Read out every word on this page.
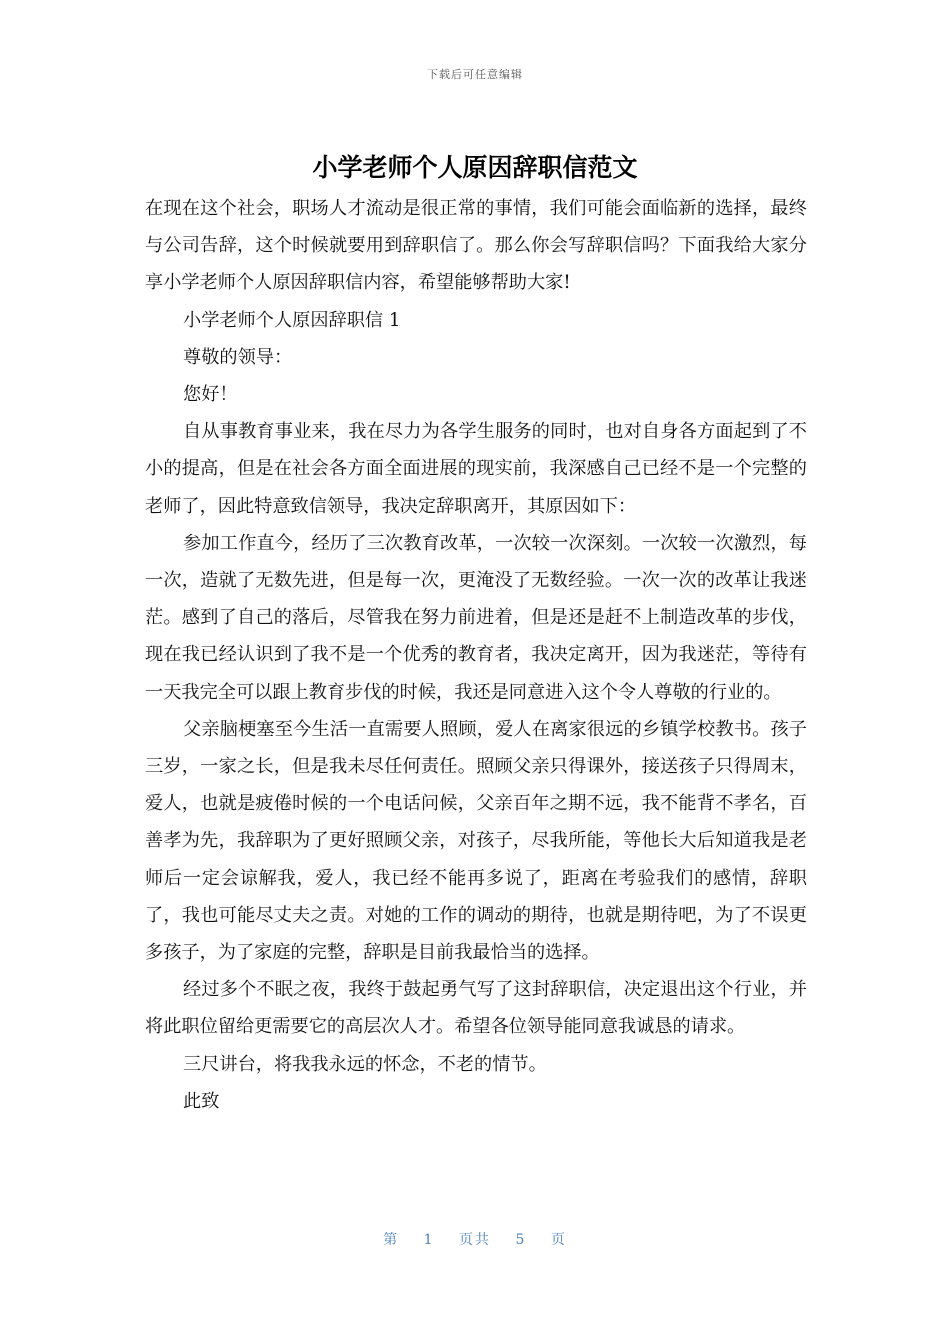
下载后可任意编辑
小学老师个人原因辞职信范文

在现在这个社会，职场人才流动是很正常的事情，我们可能会面临新的选择，最终与公司告辞，这个时候就要用到辞职信了。那么你会写辞职信吗？下面我给大家分享小学老师个人原因辞职信内容，希望能够帮助大家!

小学老师个人原因辞职信 1

尊敬的领导：

您好！

自从事教育事业来，我在尽力为各学生服务的同时，也对自身各方面起到了不小的提高，但是在社会各方面全面进展的现实前，我深感自己已经不是一个完整的老师了，因此特意致信领导，我决定辞职离开，其原因如下：

参加工作直今，经历了三次教育改革，一次较一次深刻。一次较一次激烈，每一次，造就了无数先进，但是每一次，更淹没了无数经验。一次一次的改革让我迷茫。感到了自己的落后，尽管我在努力前进着，但是还是赶不上制造改革的步伐，现在我已经认识到了我不是一个优秀的教育者，我决定离开，因为我迷茫，等待有一天我完全可以跟上教育步伐的时候，我还是同意进入这个令人尊敬的行业的。

父亲脑梗塞至今生活一直需要人照顾，爱人在离家很远的乡镇学校教书。孩子三岁，一家之长，但是我未尽任何责任。照顾父亲只得课外，接送孩子只得周末，爱人，也就是疲倦时候的一个电话问候，父亲百年之期不远，我不能背不孝名，百善孝为先，我辞职为了更好照顾父亲，对孩子，尽我所能，等他长大后知道我是老师后一定会谅解我，爱人，我已经不能再多说了，距离在考验我们的感情，辞职了，我也可能尽丈夫之责。对她的工作的调动的期待，也就是期待吧，为了不误更多孩子，为了家庭的完整，辞职是目前我最恰当的选择。

经过多个不眠之夜，我终于鼓起勇气写了这封辞职信，决定退出这个行业，并将此职位留给更需要它的高层次人才。希望各位领导能同意我诚恳的请求。

三尺讲台，将我我永远的怀念，不老的情节。

此致

第 1 页共 5 页
